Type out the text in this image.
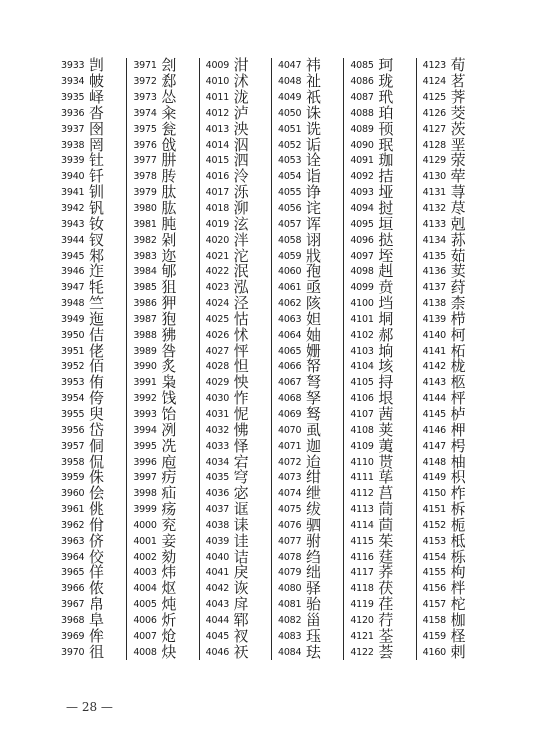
3933 剀
3934 帔
3935 峄
3936 沓
3937 囹
3938 罔
3939 钍
3940 钎
3941 钏
3942 钒
3943 钕
3944 钗
3945 邾
3946 迮
3947 牦
3948 竺
3949 迤
3950 佶
3951 佬
3952 佰
3953 侑
3954 侉
3955 臾
3956 岱
3957 侗
3958 侃
3959 侏
3960 侩
3961 佻
3962 佾
3963 侪
3964 佼
3965 佯
3966 侬
3967 帛
3968 阜
3969 侔
3970 徂
3971 刽
3972 郄
3973 怂
3974 籴
3975 瓮
3976 戗
3977 肼
3978 䏝
3979 肽
3980 肱
3981 肫
3982 剁
3983 迩
3984 郇
3985 狙
3986 狎
3987 狍
3988 狒
3989 咎
3990 炙
3991 枭
3992 饯
3993 饴
3994 冽
3995 冼
3996 庖
3997 疠
3998 疝
3999 疡
4000 兖
4001 妾
4002 劾
4003 炜
4004 𬉼
4005 炖
4006 炘
4007 炝
4008 炔
4009 泔
4010 沭
4011 泷
4012 泸
4013 泱
4014 泅
4015 泗
4016 泠
4017 泺
4018 泖
4019 泫
4020 泮
4021 沱
4022 泯
4023 泓
4024 泾
4025 怙
4026 怵
4027 怦
4028 怛
4029 怏
4030 怍
4031 怩
4032 怫
4033 怿
4034 宕
4035 穹
4036 宓
4037 诓
4038 诔
4039 诖
4040 诘
4041 戾
4042 诙
4043 戽
4044 郓
4045 衩
4046 祆
4047 祎
4048 祉
4049 祇
4050 诛
4051 诜
4052 诟
4053 诠
4054 诣
4055 诤
4056 诧
4057 诨
4058 诩
4059 戕
4060 孢
4061 亟
4062 陔
4063 妲
4064 妯
4065 姗
4066 帑
4067 弩
4068 孥
4069 驽
4070 虱
4071 迦
4072 迨
4073 绀
4074 绁
4075 绂
4076 驷
4077 驸
4078 绉
4079 绌
4080 驿
4081 骀
4082 甾
4083 珏
4084 珐
4085 珂
4086 珑
4087 玳
4088 珀
4089 顸
4090 珉
4091 珈
4092 拮
4093 垭
4094 挝
4095 垣
4096 挞
4097 垤
4098 赳
4099 贲
4100 垱
4101 垌
4102 郝
4103 垧
4104 垓
4105 挦
4106 垠
4107 茜
4108 荚
4109 荑
4110 贳
4111 荜
4112 莒
4113 茼
4114 茴
4115 茱
4116 莛
4117 荞
4118 茯
4119 荏
4120 荇
4121 荃
4122 荟
4123 荀
4124 茗
4125 荠
4126 茭
4127 茨
4128 垩
4129 荥
4130 荦
4131 荨
4132 荩
4133 剋
4134 荪
4135 茹
4136 荬
4137 荮
4138 柰
4139 栉
4140 柯
4141 柘
4142 栊
4143 柩
4144 枰
4145 栌
4146 柙
4147 枵
4148 柚
4149 枳
4150 柞
4151 柝
4152 栀
4153 柢
4154 栎
4155 枸
4156 柈
4157 柁
4158 枷
4159 柽
4160 剌
— 28 —
